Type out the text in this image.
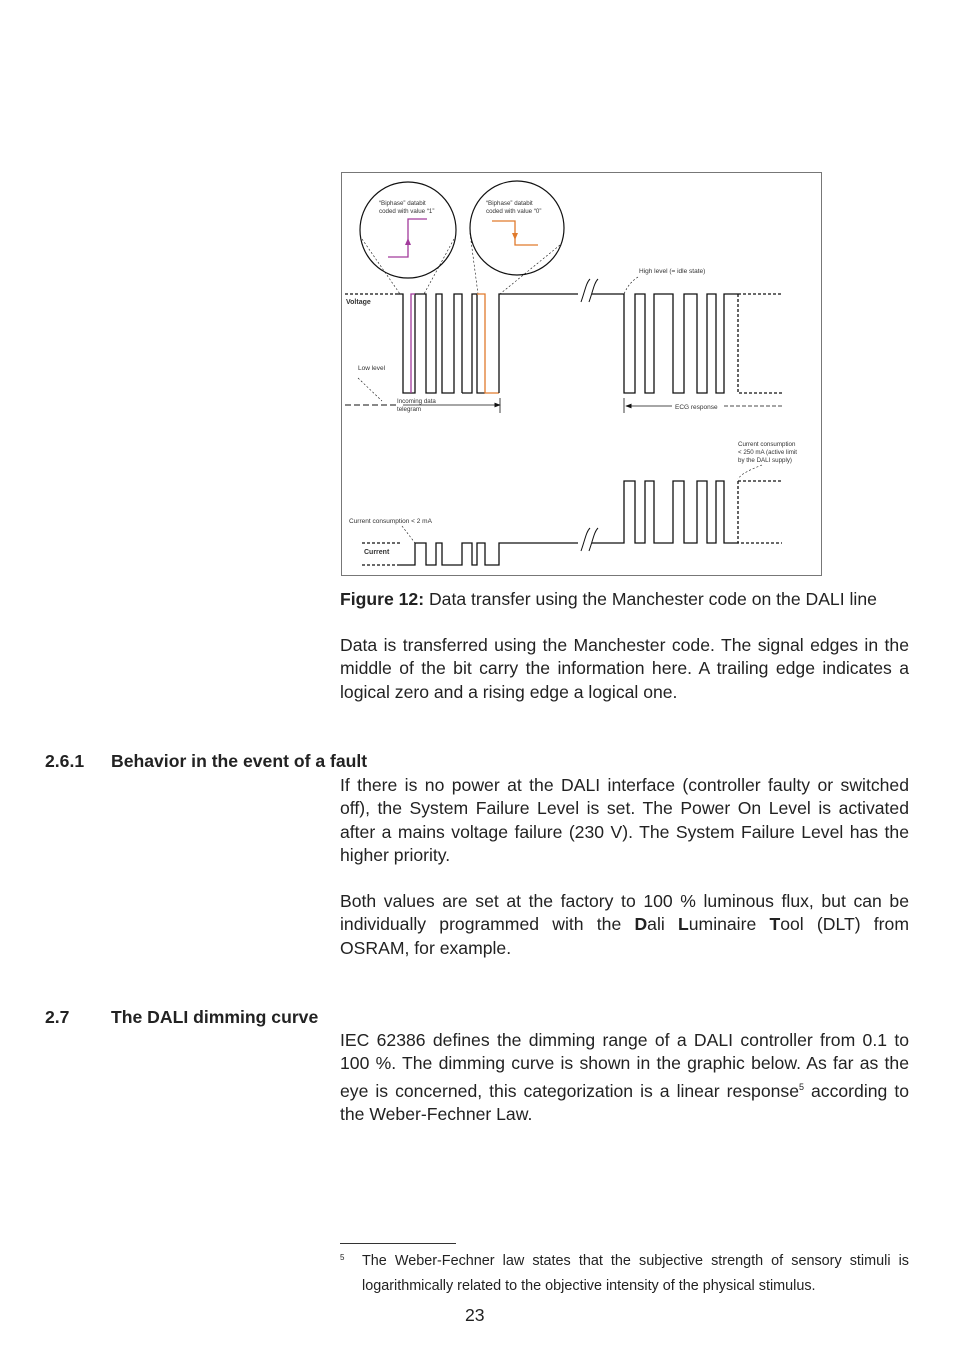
“Biphase” databit
coded with value “1”
“Biphase” databit
coded with value “0”
Voltage
Low level
High level (= idle state)
Incoming data
telegram	ECG response
Current
Current consumption < 2 mA
Current consumption
< 250 mA (active limit
by the DALI supply)

Figure 12: Data transfer using the Manchester code on the DALI line

Data is transferred using the Manchester code. The signal edges in the middle of the bit carry the information here. A trailing edge indicates a logical zero and a rising edge a logical one.

2.6.1 Behavior in the event of a fault

If there is no power at the DALI interface (controller faulty or switched off), the System Failure Level is set. The Power On Level is activated after a mains voltage failure (230 V). The System Failure Level has the higher priority.

Both values are set at the factory to 100 % luminous flux, but can be individually programmed with the Dali Luminaire Tool (DLT) from OSRAM, for example.

2.7 The DALI dimming curve

IEC 62386 defines the dimming range of a DALI controller from 0.1 to 100 %. The dimming curve is shown in the graphic below. As far as the eye is concerned, this categorization is a linear response$^5$ according to the Weber-Fechner Law.

5 The Weber-Fechner law states that the subjective strength of sensory stimuli is logarithmically related to the objective intensity of the physical stimulus.
23
